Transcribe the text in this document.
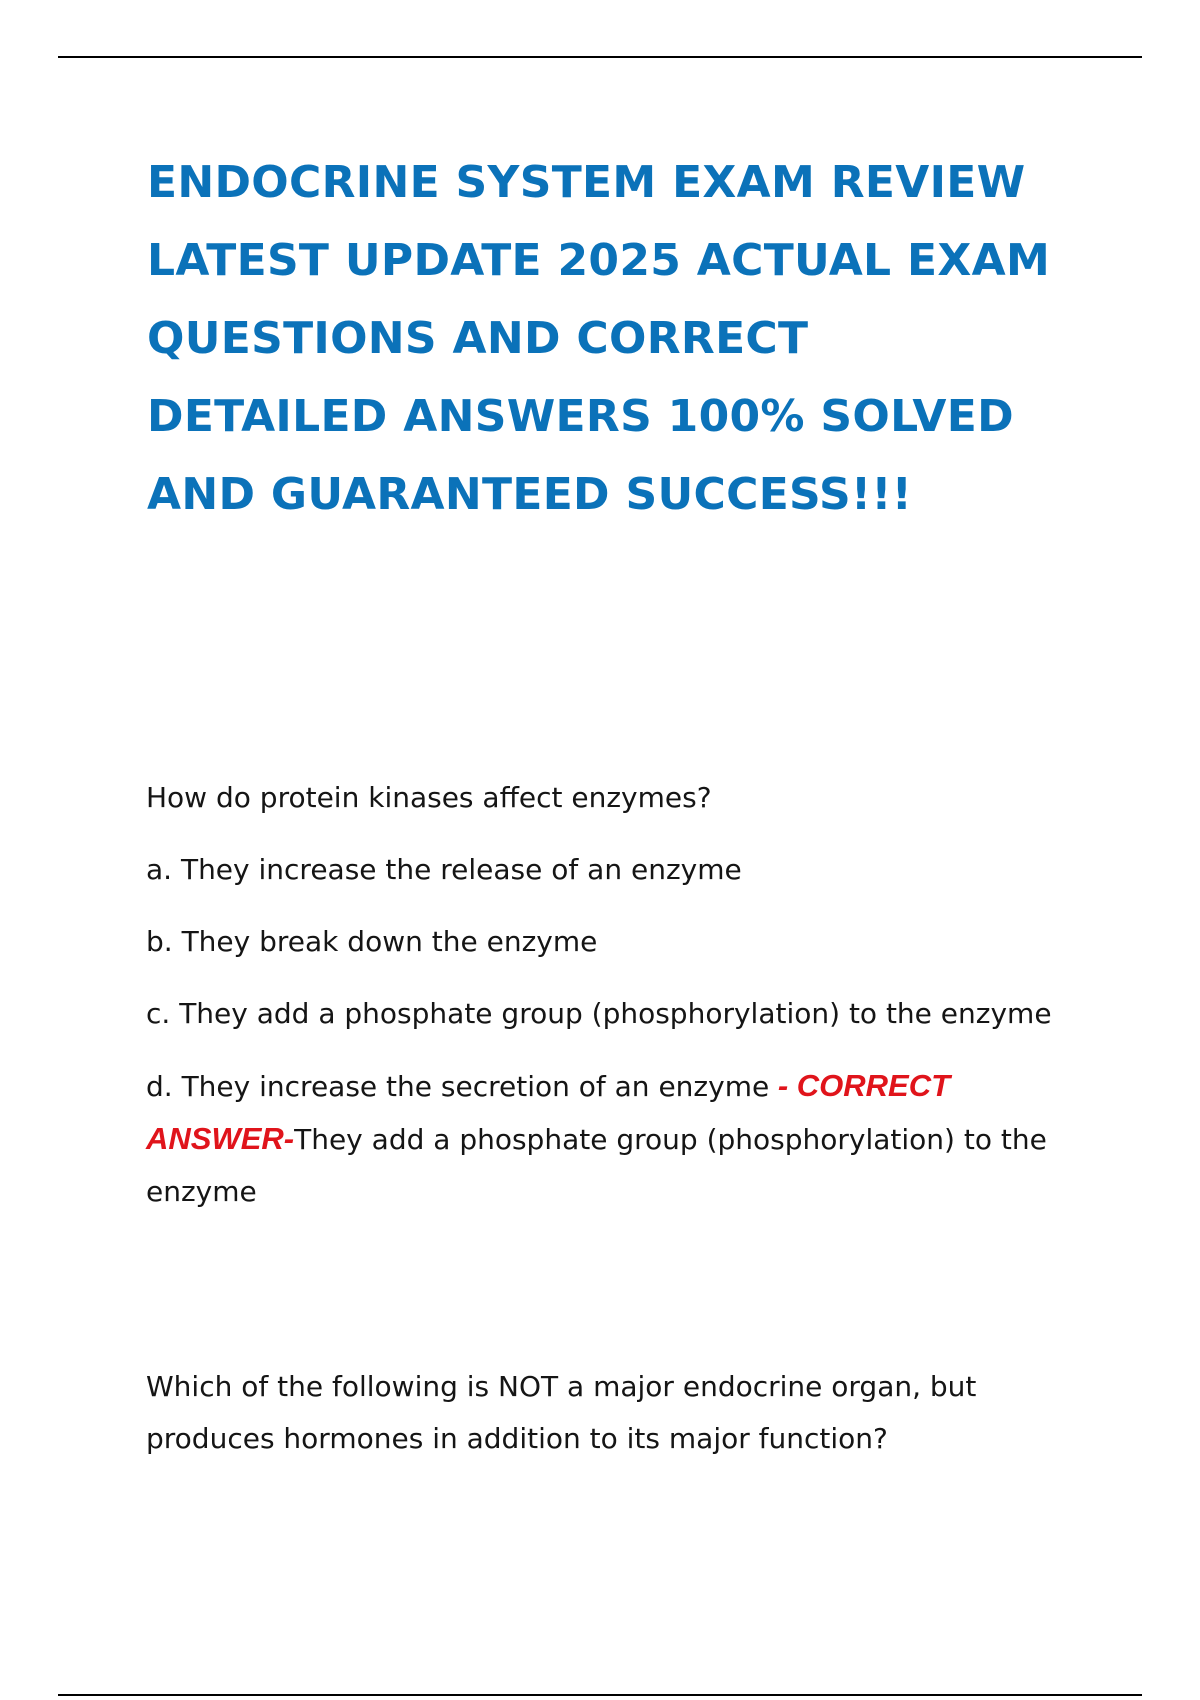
ENDOCRINE SYSTEM EXAM REVIEW
LATEST UPDATE 2025 ACTUAL EXAM
QUESTIONS AND CORRECT
DETAILED ANSWERS 100% SOLVED
AND GUARANTEED SUCCESS!!!

How do protein kinases affect enzymes?

a. They increase the release of an enzyme

b. They break down the enzyme

c. They add a phosphate group (phosphorylation) to the enzyme

d. They increase the secretion of an enzyme - CORRECT ANSWER-They add a phosphate group (phosphorylation) to the enzyme

Which of the following is NOT a major endocrine organ, but produces hormones in addition to its major function?
